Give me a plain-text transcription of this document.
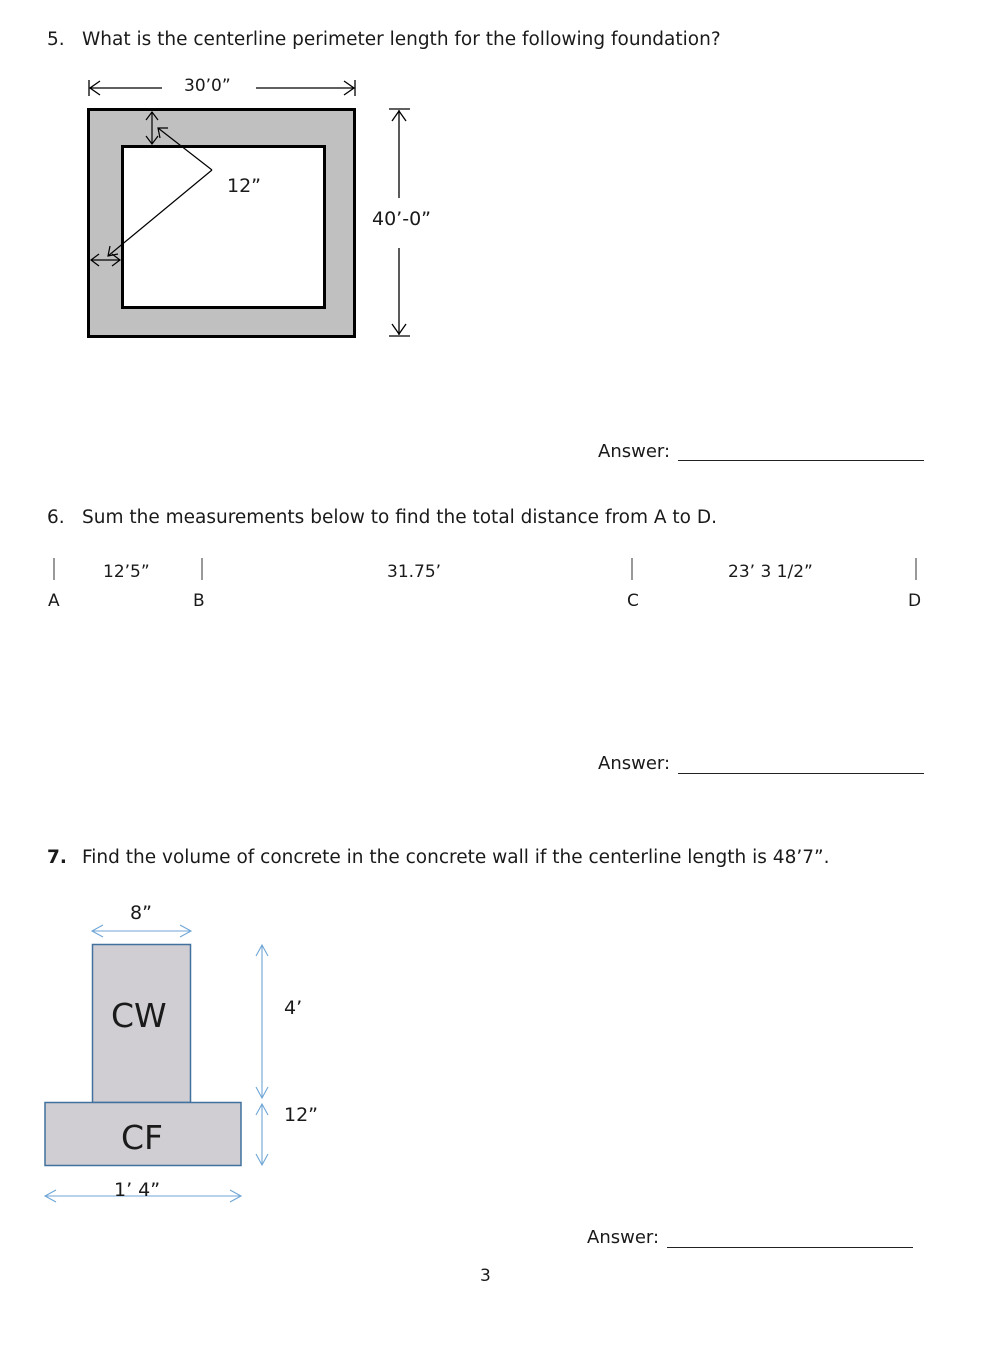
5. What is the centerline perimeter length for the following foundation?
30’0”
12”
40’-0”
Answer:
6. Sum the measurements below to find the total distance from A to D.
12’5”	31.75’	23’ 3 1/2”
A	B	C	D
Answer:
7. Find the volume of concrete in the concrete wall if the centerline length is 48’7”.
8”
CW	4’
12”
CF
1’ 4”
Answer:
3
